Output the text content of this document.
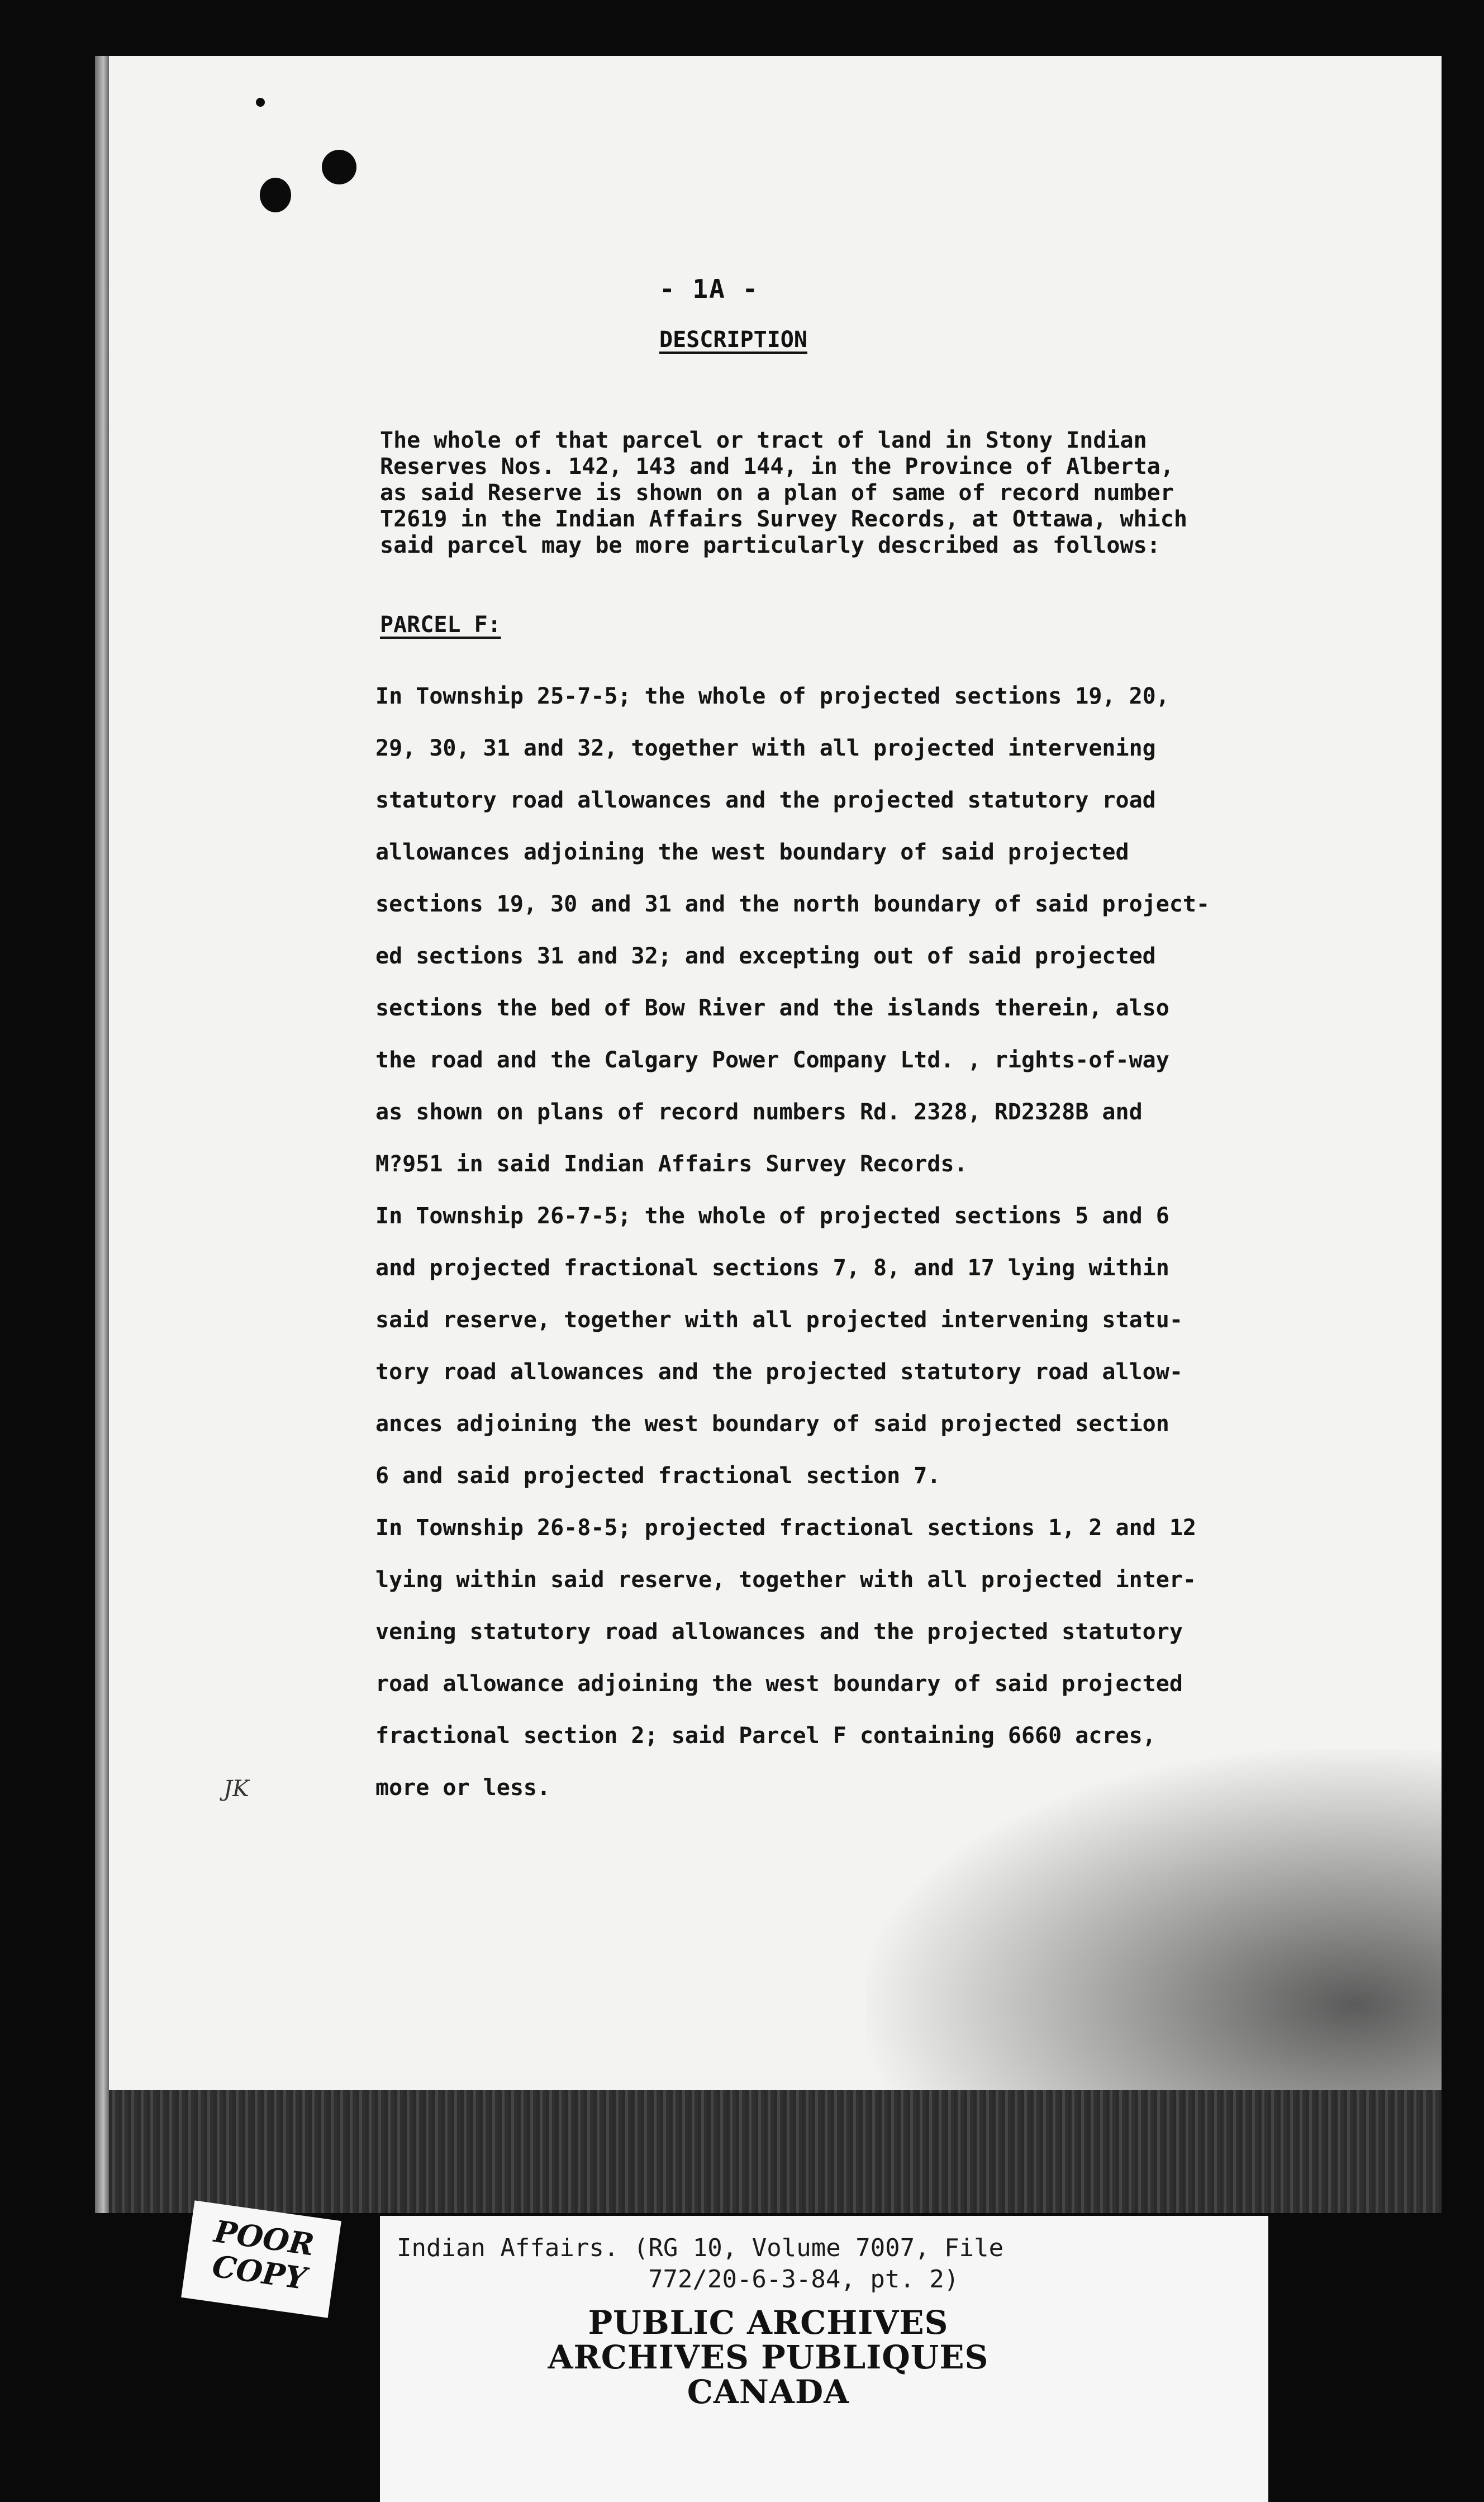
- 1A -
DESCRIPTION
The whole of that parcel or tract of land in Stony Indian
Reserves Nos. 142, 143 and 144, in the Province of Alberta,
as said Reserve is shown on a plan of same of record number
T2619 in the Indian Affairs Survey Records, at Ottawa, which
said parcel may be more particularly described as follows:
PARCEL F:
In Township 25-7-5; the whole of projected sections 19, 20,
29, 30, 31 and 32, together with all projected intervening
statutory road allowances and the projected statutory road
allowances adjoining the west boundary of said projected
sections 19, 30 and 31 and the north boundary of said project-
ed sections 31 and 32; and excepting out of said projected
sections the bed of Bow River and the islands therein, also
the road and the Calgary Power Company Ltd. , rights-of-way
as shown on plans of record numbers Rd. 2328, RD2328B and
M?951 in said Indian Affairs Survey Records.
In Township 26-7-5; the whole of projected sections 5 and 6
and projected fractional sections 7, 8, and 17 lying within
said reserve, together with all projected intervening statu-
tory road allowances and the projected statutory road allow-
ances adjoining the west boundary of said projected section
6 and said projected fractional section 7.
In Township 26-8-5; projected fractional sections 1, 2 and 12
lying within said reserve, together with all projected inter-
vening statutory road allowances and the projected statutory
road allowance adjoining the west boundary of said projected
fractional section 2; said Parcel F containing 6660 acres,
more or less.
JK
POOR
COPY	Indian Affairs. (RG 10, Volume 7007, File
772/20-6-3-84, pt. 2)
PUBLIC ARCHIVES
ARCHIVES PUBLIQUES
CANADA
